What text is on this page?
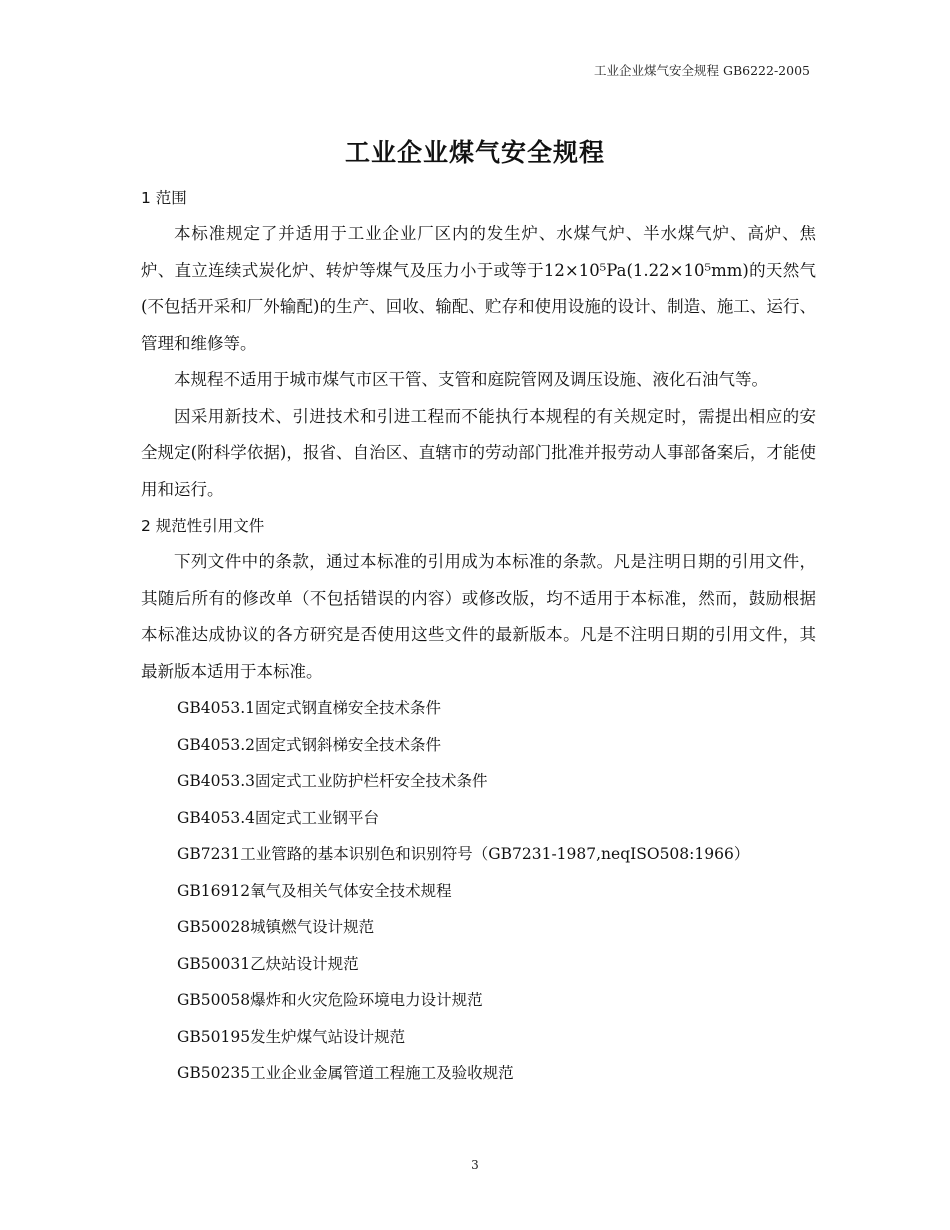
工业企业煤气安全规程 GB6222-2005
工业企业煤气安全规程
1 范围

本标准规定了并适用于工业企业厂区内的发生炉、水煤气炉、半水煤气炉、高炉、焦炉、直立连续式炭化炉、转炉等煤气及压力小于或等于12×10⁵Pa(1.22×10⁵mm)的天然气(不包括开采和厂外输配)的生产、回收、输配、贮存和使用设施的设计、制造、施工、运行、管理和维修等。

本规程不适用于城市煤气市区干管、支管和庭院管网及调压设施、液化石油气等。

因采用新技术、引进技术和引进工程而不能执行本规程的有关规定时，需提出相应的安全规定(附科学依据)，报省、自治区、直辖市的劳动部门批准并报劳动人事部备案后，才能使用和运行。

2 规范性引用文件

下列文件中的条款，通过本标准的引用成为本标准的条款。凡是注明日期的引用文件，其随后所有的修改单（不包括错误的内容）或修改版，均不适用于本标准，然而，鼓励根据本标准达成协议的各方研究是否使用这些文件的最新版本。凡是不注明日期的引用文件，其最新版本适用于本标准。

GB4053.1固定式钢直梯安全技术条件
GB4053.2固定式钢斜梯安全技术条件
GB4053.3固定式工业防护栏杆安全技术条件
GB4053.4固定式工业钢平台
GB7231工业管路的基本识别色和识别符号（GB7231-1987,neqISO508:1966）
GB16912氧气及相关气体安全技术规程
GB50028城镇燃气设计规范
GB50031乙炔站设计规范
GB50058爆炸和火灾危险环境电力设计规范
GB50195发生炉煤气站设计规范
GB50235工业企业金属管道工程施工及验收规范
3
